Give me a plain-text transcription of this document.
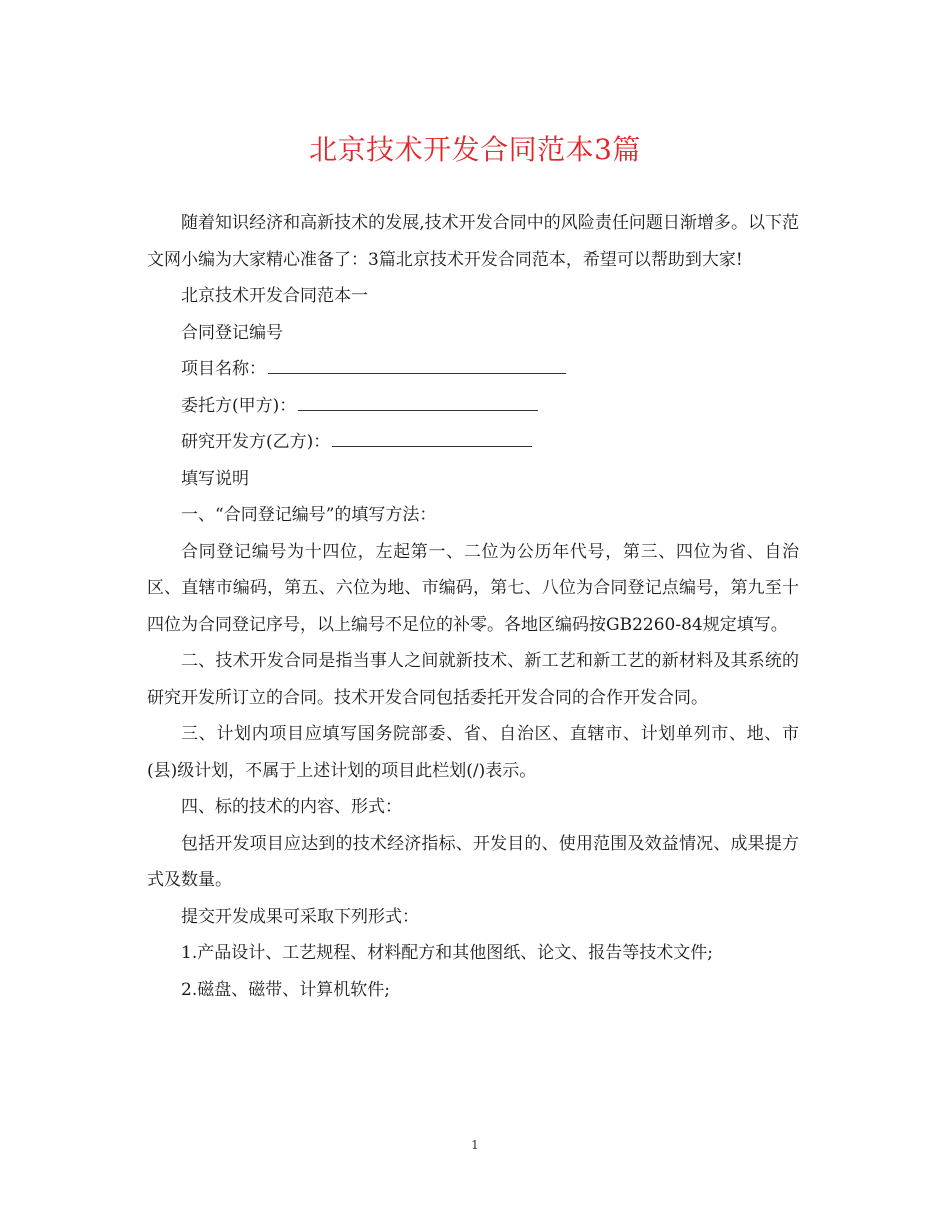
北京技术开发合同范本3篇

随着知识经济和高新技术的发展,技术开发合同中的风险责任问题日渐增多。以下范文网小编为大家精心准备了：3篇北京技术开发合同范本，希望可以帮助到大家!

北京技术开发合同范本一

合同登记编号

项目名称：

委托方(甲方)：

研究开发方(乙方)：

填写说明

一、“合同登记编号”的填写方法：

合同登记编号为十四位，左起第一、二位为公历年代号，第三、四位为省、自治区、直辖市编码，第五、六位为地、市编码，第七、八位为合同登记点编号，第九至十四位为合同登记序号，以上编号不足位的补零。各地区编码按GB2260-84规定填写。

二、技术开发合同是指当事人之间就新技术、新工艺和新工艺的新材料及其系统的研究开发所订立的合同。技术开发合同包括委托开发合同的合作开发合同。

三、计划内项目应填写国务院部委、省、自治区、直辖市、计划单列市、地、市(县)级计划，不属于上述计划的项目此栏划(/)表示。

四、标的技术的内容、形式：

包括开发项目应达到的技术经济指标、开发目的、使用范围及效益情况、成果提方式及数量。

提交开发成果可采取下列形式：

1.产品设计、工艺规程、材料配方和其他图纸、论文、报告等技术文件;

2.磁盘、磁带、计算机软件;

1
